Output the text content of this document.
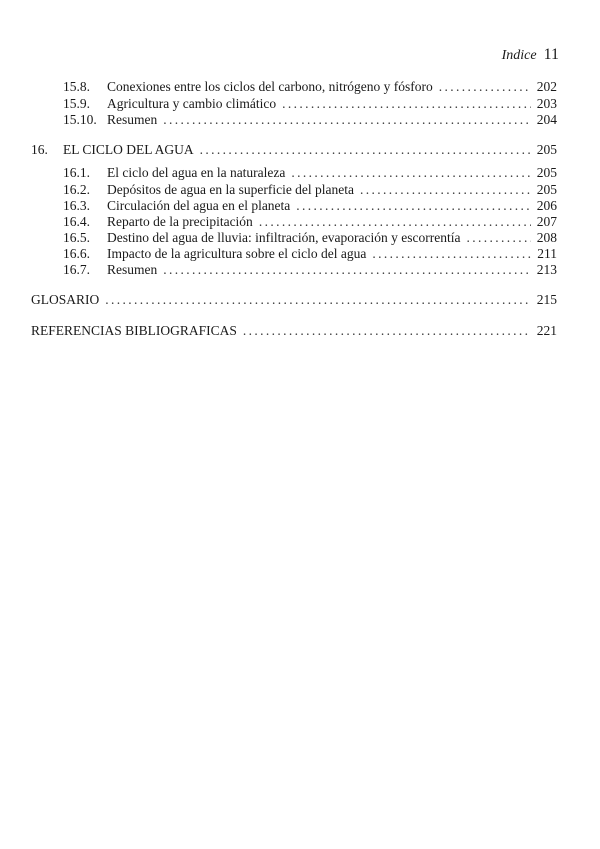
Indice 11
15.8.	Conexiones entre los ciclos del carbono, nitrógeno y fósforo . . .	202
15.9.	Agricultura y cambio climático . . .	203
15.10. Resumen . . .	204
16.	EL CICLO DEL AGUA . . .	205
16.1.	El ciclo del agua en la naturaleza . . .	205
16.2.	Depósitos de agua en la superficie del planeta . . .	205
16.3.	Circulación del agua en el planeta . . .	206
16.4.	Reparto de la precipitación . . .	207
16.5.	Destino del agua de lluvia: infiltración, evaporación y escorrentía . . .	208
16.6.	Impacto de la agricultura sobre el ciclo del agua . . .	211
16.7.	Resumen . . .	213
GLOSARIO . . .	215
REFERENCIAS BIBLIOGRAFICAS . . .	221
